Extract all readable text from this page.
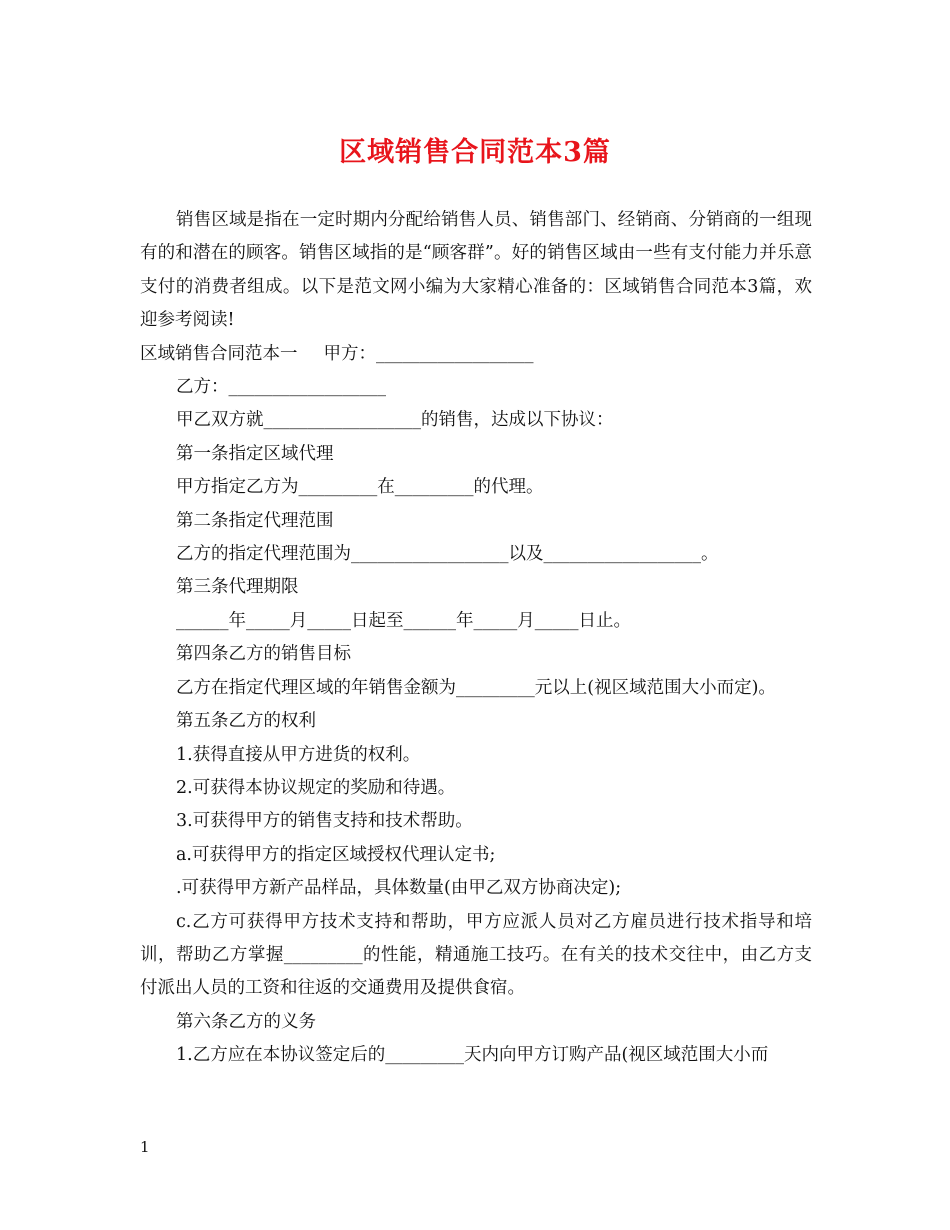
区域销售合同范本3篇

销售区域是指在一定时期内分配给销售人员、销售部门、经销商、分销商的一组现有的和潜在的顾客。销售区域指的是“顾客群”。好的销售区域由一些有支付能力并乐意支付的消费者组成。以下是范文网小编为大家精心准备的：区域销售合同范本3篇，欢迎参考阅读!

区域销售合同范本一 甲方：__________________

乙方：__________________

甲乙双方就__________________的销售，达成以下协议：

第一条指定区域代理

甲方指定乙方为_________在_________的代理。

第二条指定代理范围

乙方的指定代理范围为__________________以及__________________。

第三条代理期限

______年_____月_____日起至______年_____月_____日止。

第四条乙方的销售目标

乙方在指定代理区域的年销售金额为_________元以上(视区域范围大小而定)。

第五条乙方的权利

1.获得直接从甲方进货的权利。

2.可获得本协议规定的奖励和待遇。

3.可获得甲方的销售支持和技术帮助。

a.可获得甲方的指定区域授权代理认定书;

.可获得甲方新产品样品，具体数量(由甲乙双方协商决定);

c.乙方可获得甲方技术支持和帮助，甲方应派人员对乙方雇员进行技术指导和培训，帮助乙方掌握_________的性能，精通施工技巧。在有关的技术交往中，由乙方支付派出人员的工资和往返的交通费用及提供食宿。

第六条乙方的义务

1.乙方应在本协议签定后的_________天内向甲方订购产品(视区域范围大小而

1
